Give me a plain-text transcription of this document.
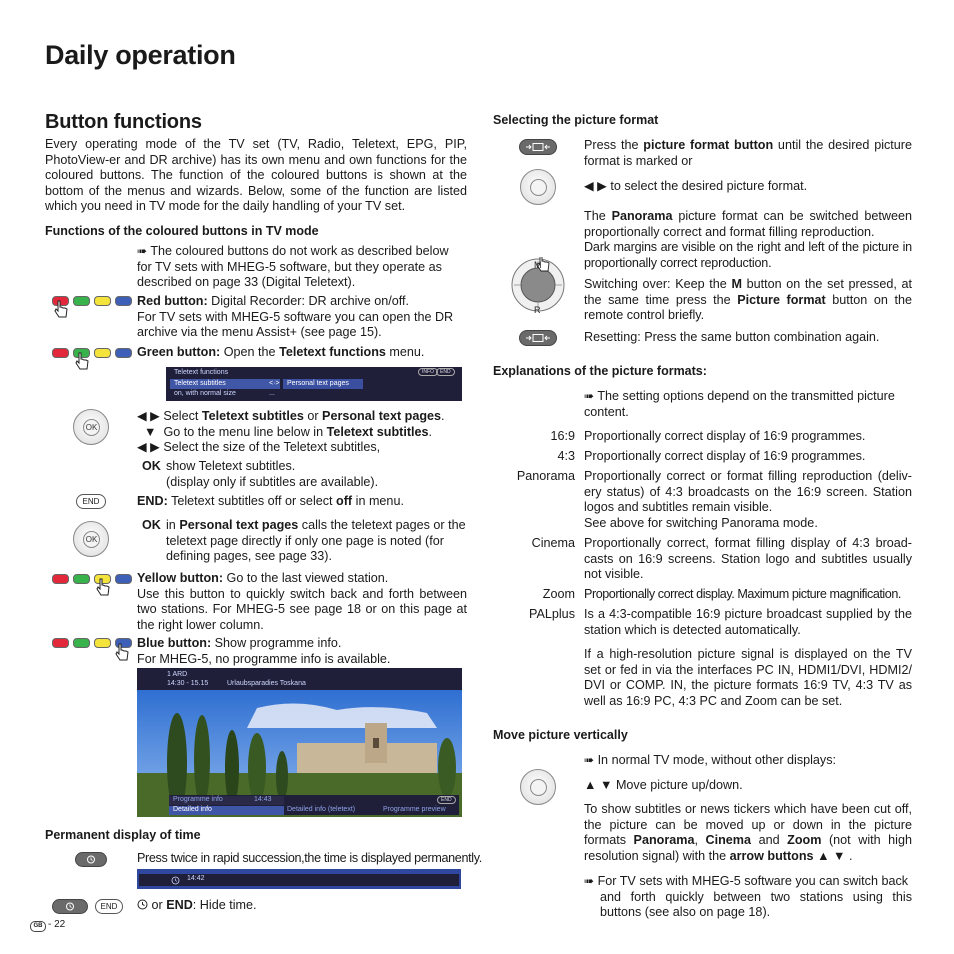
Daily operation
Button functions
Every operating mode of the TV set (TV, Radio, Teletext, EPG, PIP, PhotoView-er and DR archive) has its own menu and own functions for the coloured buttons. The function of the coloured buttons is shown at the bottom of the menus and wizards. Below, some of the function are listed which you need in TV mode for the daily handling of your TV set.
Functions of the coloured buttons in TV mode
➠ The coloured buttons do not work as described below
for TV sets with MHEG-5 software, but they operate as
described on page 33 (Digital Teletext).
Red button: Digital Recorder: DR archive on/off.
For TV sets with MHEG-5 software you can open the DR archive via the menu Assist+ (see page 15).
Green button: Open the Teletext functions menu.
Teletext functions	INFO	END
Teletext subtitles	<·> Personal text pages
on, with normal size	...
OK
◀ ▶ Select Teletext subtitles or Personal text pages.
▼ Go to the menu line below in Teletext subtitles.
◀ ▶ Select the size of the Teletext subtitles,
OK show Teletext subtitles.
(display only if subtitles are available).
END	END: Teletext subtitles off or select off in menu.
OK
OK in Personal text pages calls the teletext pages or the teletext page directly if only one page is noted (for defining pages, see page 33).
Yellow button: Go to the last viewed station.
Use this button to quickly switch back and forth between two stations. For MHEG-5 see page 18 or on this page at the right lower column.
Blue button: Show programme info.
For MHEG-5, no programme info is available.
1 ARD
14:30 - 15.15	Urlaubsparadies Toskana
Programme info	14:43	END
Detailed info	Detailed info (teletext)	Programme preview
Permanent display of time
Press twice in rapid succession,the time is displayed permanently.
14:42
END	or END: Hide time.
GB - 22
Selecting the picture format
Press the picture format button until the desired picture format is marked or
◀ ▶ to select the desired picture format.
The Panorama picture format can be switched between proportionally correct and format filling reproduction.
Dark margins are visible on the right and left of the picture in proportionally correct reproduction.
M
R
Switching over: Keep the M button on the set pressed, at the same time press the Picture format button on the remote control briefly.
Resetting: Press the same button combination again.
Explanations of the picture formats:
➠ The setting options depend on the transmitted picture content.
16:9 Proportionally correct display of 16:9 programmes.
4:3 Proportionally correct display of 16:9 programmes.
Panorama Proportionally correct or format filling reproduction (deliv-ery status) of 4:3 broadcasts on the 16:9 screen. Station logos and subtitles remain visible.
See above for switching Panorama mode.
Cinema Proportionally correct, format filling display of 4:3 broad-casts on 16:9 screens. Station logo and subtitles usually not visible.
Zoom Proportionally correct display. Maximum picture magnification.
PALplus Is a 4:3-compatible 16:9 picture broadcast supplied by the station which is detected automatically.
If a high-resolution picture signal is displayed on the TV set or fed in via the interfaces PC IN, HDMI1/DVI, HDMI2/ DVI or COMP. IN, the picture formats 16:9 TV, 4:3 TV as well as 16:9 PC, 4:3 PC and Zoom can be set.
Move picture vertically
➠ In normal TV mode, without other displays:
▲ ▼ Move picture up/down.
To show subtitles or news tickers which have been cut off, the picture can be moved up or down in the picture formats Panorama, Cinema and Zoom (not with high resolution signal) with the arrow buttons ▲ ▼ .
➠ For TV sets with MHEG-5 software you can switch back
and forth quickly between two stations using this buttons (see also on page 18).
